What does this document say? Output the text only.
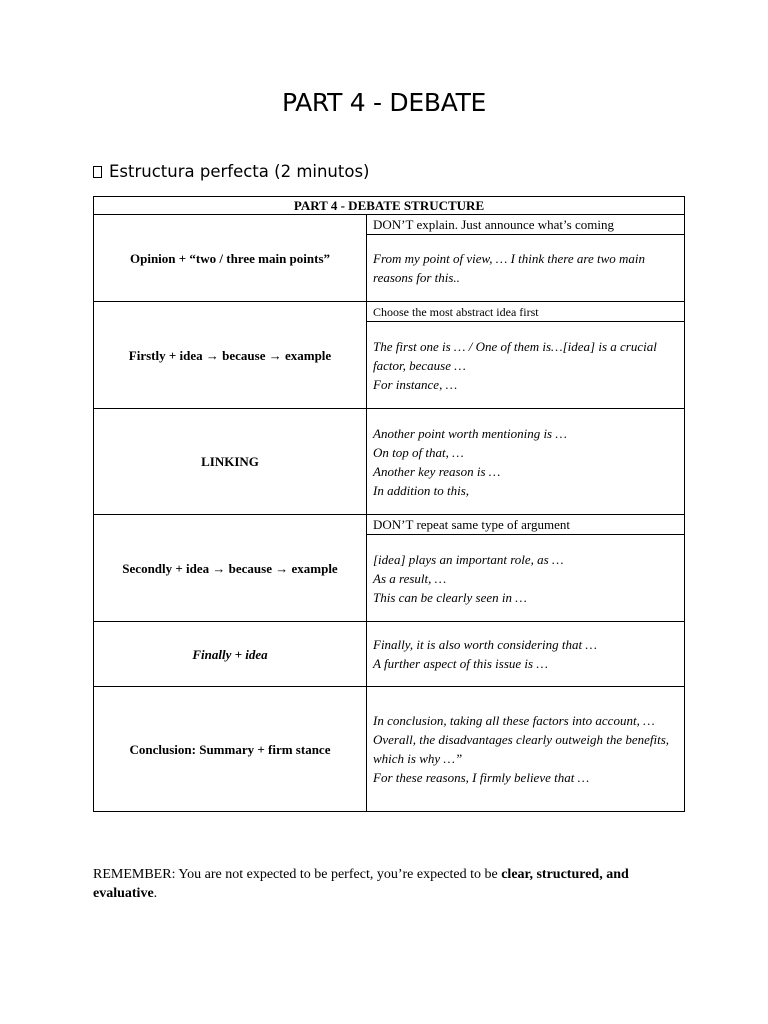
PART 4 - DEBATE
Estructura perfecta (2 minutos)
PART 4 - DEBATE STRUCTURE	
Opinion + “two / three main points”	DON’T explain. Just announce what’s coming

	From my point of view, … I think there are two main reasons for this..

Firstly + idea → because → example	Choose the most abstract idea first

	The first one is … / One of them is…[idea] is a crucial factor, because …
For instance, …

LINKING	Another point worth mentioning is …
On top of that, …
Another key reason is …
In addition to this,

Secondly + idea → because → example	DON’T repeat same type of argument

	[idea] plays an important role, as …
As a result, …
This can be clearly seen in …

Finally + idea	Finally, it is also worth considering that …
A further aspect of this issue is …

Conclusion: Summary + firm stance	In conclusion, taking all these factors into account, …
Overall, the disadvantages clearly outweigh the benefits, which is why …”
For these reasons, I firmly believe that …

REMEMBER: You are not expected to be perfect, you’re expected to be clear, structured, and evaluative.
